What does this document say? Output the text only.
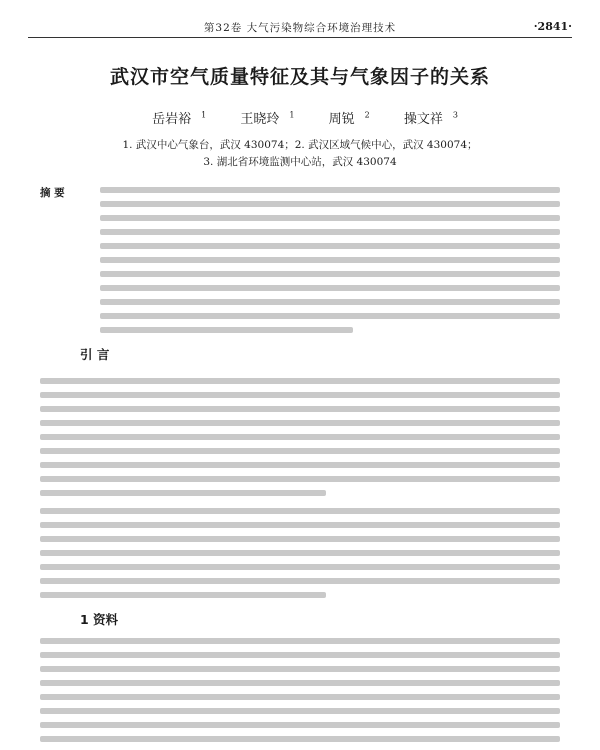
第32卷 大气污染物综合环境治理技术	·2841·
武汉市空气质量特征及其与气象因子的关系
岳岩裕 $^1$	王晓玲 $^1$	周锐 $^2$	操文祥 $^3$
1. 武汉中心气象台，武汉 430074；2. 武汉区域气候中心，武汉 430074；
3. 湖北省环境监测中心站，武汉 430074
摘 要
引 言
1 资料
